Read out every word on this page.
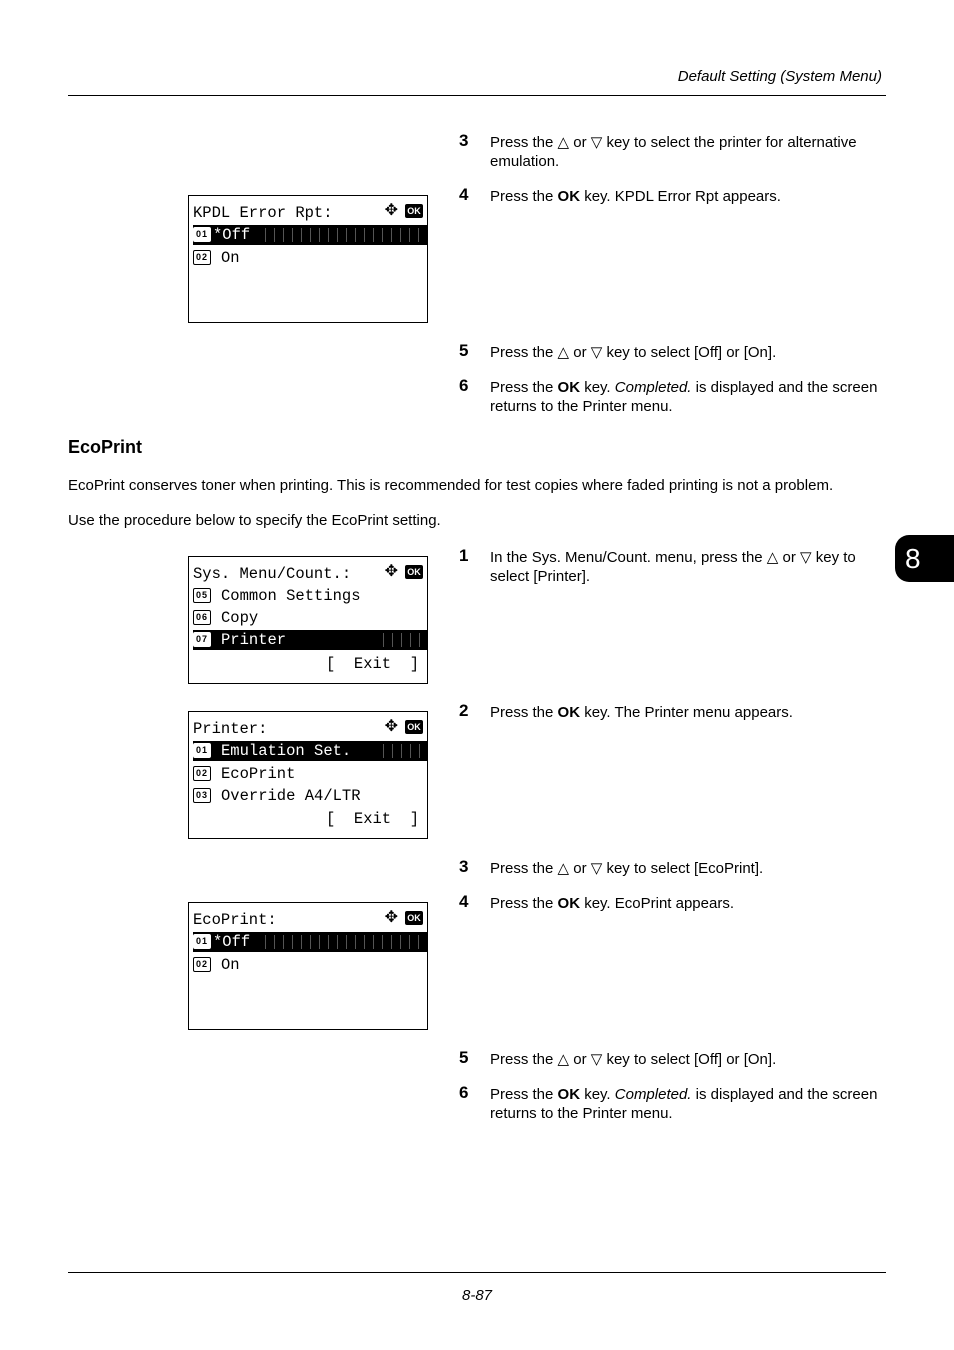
Default Setting (System Menu)
KPDL Error Rpt:	✥ OK
01 *Off
02 On
3	Press the △ or ▽ key to select the printer for alternative emulation.
4	Press the OK key. KPDL Error Rpt appears.
5	Press the △ or ▽ key to select [Off] or [On].
6	Press the OK key. Completed. is displayed and the screen returns to the Printer menu.
EcoPrint
EcoPrint conserves toner when printing. This is recommended for test copies where faded printing is not a problem.
Use the procedure below to specify the EcoPrint setting.
8
Sys. Menu/Count.:	✥ OK
05 Common Settings
06 Copy
07 Printer
[  Exit  ]
1	In the Sys. Menu/Count. menu, press the △ or ▽ key to select [Printer].
Printer:	✥ OK
01 Emulation Set.
02 EcoPrint
03 Override A4/LTR
[  Exit  ]
2	Press the OK key. The Printer menu appears.
3	Press the △ or ▽ key to select [EcoPrint].
4	Press the OK key. EcoPrint appears.
EcoPrint:	✥ OK
01 *Off
02 On
5	Press the △ or ▽ key to select [Off] or [On].
6	Press the OK key. Completed. is displayed and the screen returns to the Printer menu.
8-87
